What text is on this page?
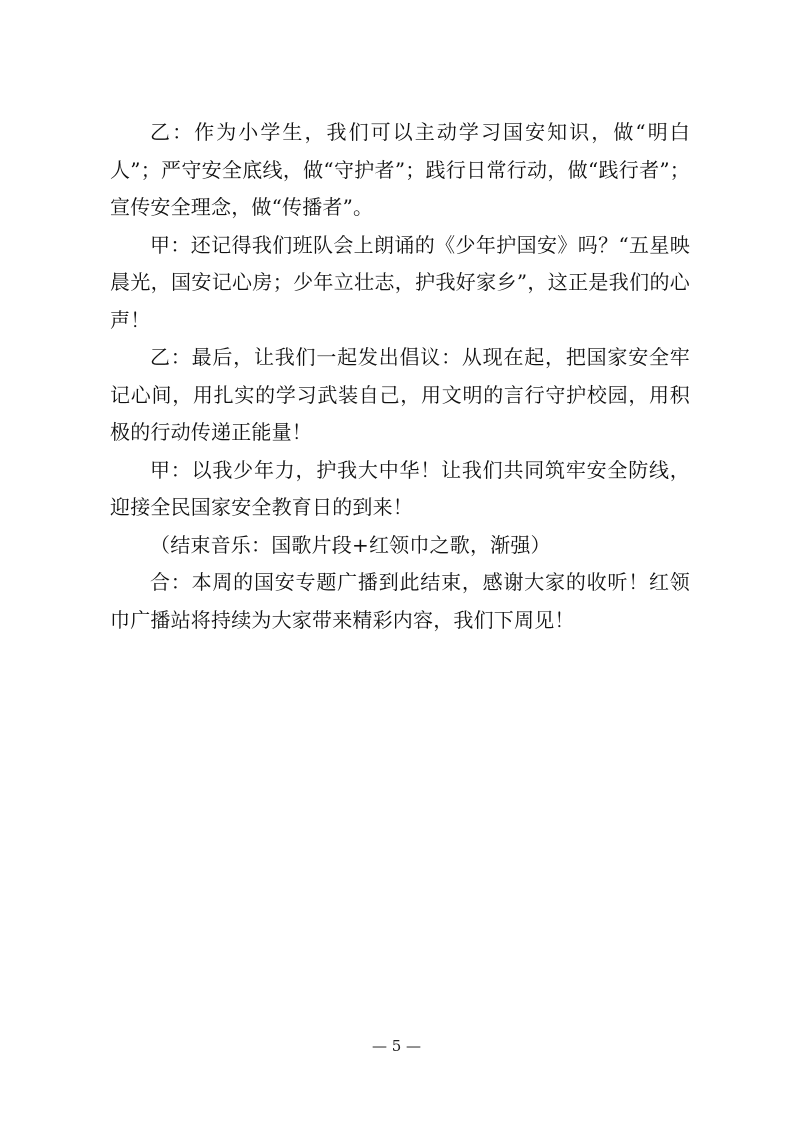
乙：作为小学生，我们可以主动学习国安知识，做“明白人”；严守安全底线，做“守护者”；践行日常行动，做“践行者”；宣传安全理念，做“传播者”。

甲：还记得我们班队会上朗诵的《少年护国安》吗？“五星映晨光，国安记心房；少年立壮志，护我好家乡”，这正是我们的心声！

乙：最后，让我们一起发出倡议：从现在起，把国家安全牢记心间，用扎实的学习武装自己，用文明的言行守护校园，用积极的行动传递正能量！

甲：以我少年力，护我大中华！让我们共同筑牢安全防线，迎接全民国家安全教育日的到来！

（结束音乐：国歌片段+红领巾之歌，渐强）

合：本周的国安专题广播到此结束，感谢大家的收听！红领巾广播站将持续为大家带来精彩内容，我们下周见！

— 5 —
